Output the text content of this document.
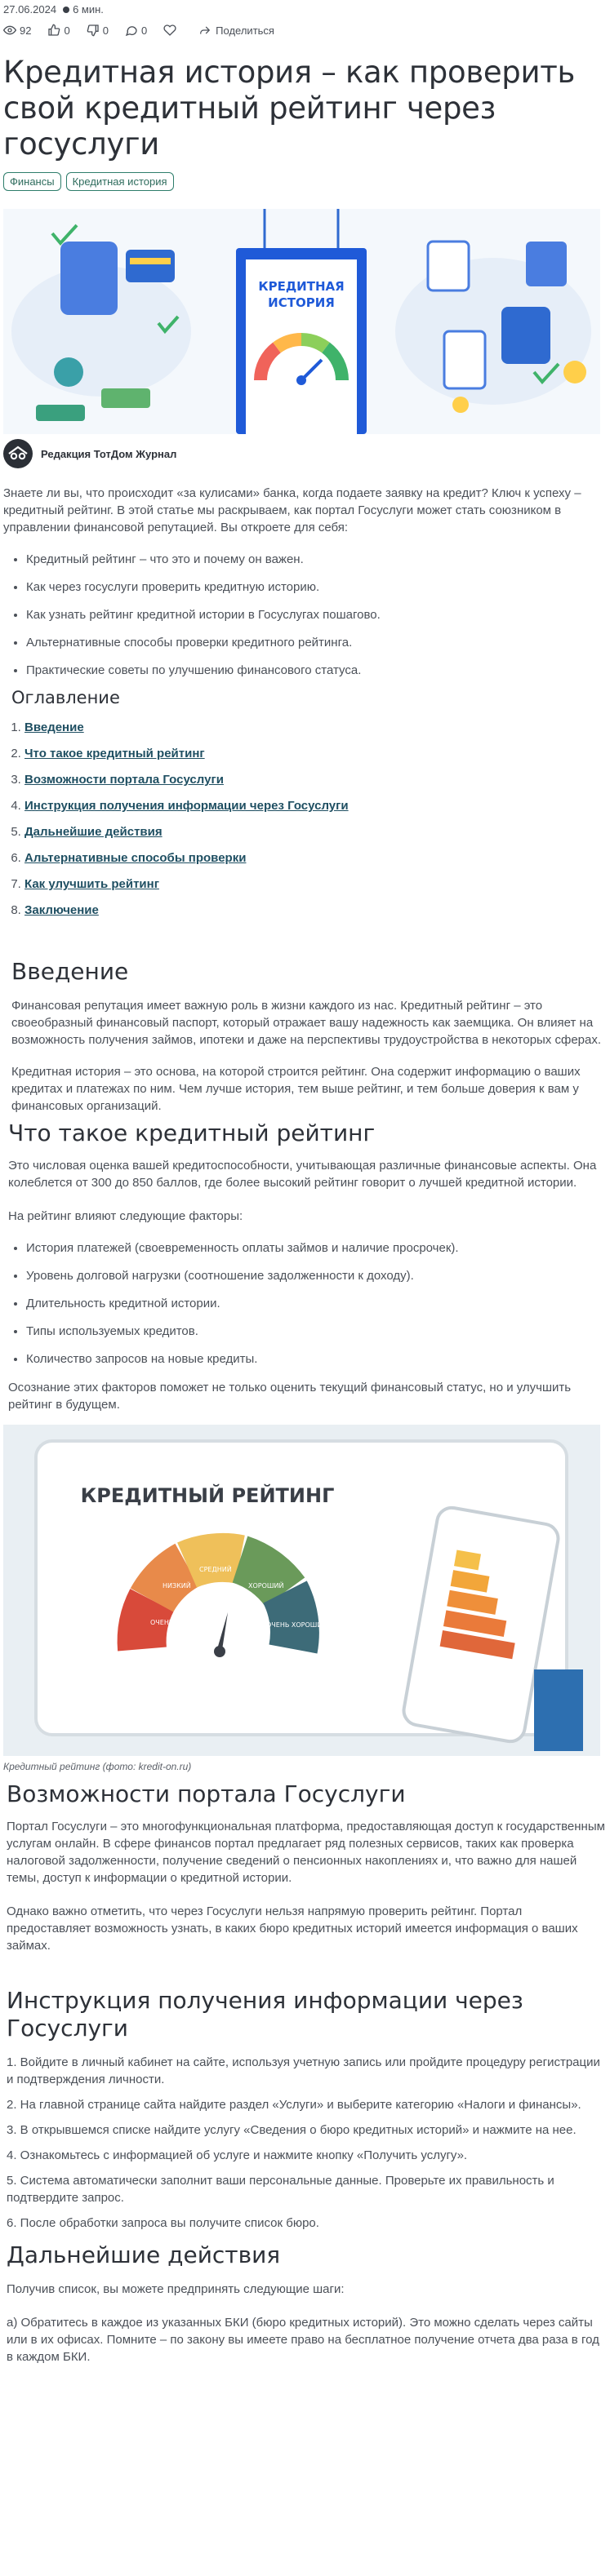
27.06.2024 6 мин.
92	0	0	0	Поделиться
Кредитная история – как проверить свой кредитный рейтинг через госуслуги
Финансы	Кредитная история
КРЕДИТНАЯ
ИСТОРИЯ
Редакция ТотДом Журнал

Знаете ли вы, что происходит «за кулисами» банка, когда подаете заявку на кредит? Ключ к успеху – кредитный рейтинг. В этой статье мы раскрываем, как портал Госуслуги может стать союзником в управлении финансовой репутацией. Вы откроете для себя:

• Кредитный рейтинг – что это и почему он важен.
• Как через госуслуги проверить кредитную историю.
• Как узнать рейтинг кредитной истории в Госуслугах пошагово.
• Альтернативные способы проверки кредитного рейтинга.
• Практические советы по улучшению финансового статуса.
Оглавление
1. Введение
2. Что такое кредитный рейтинг
3. Возможности портала Госуслуги
4. Инструкция получения информации через Госуслуги
5. Дальнейшие действия
6. Альтернативные способы проверки
7. Как улучшить рейтинг
8. Заключение
Введение

Финансовая репутация имеет важную роль в жизни каждого из нас. Кредитный рейтинг – это своеобразный финансовый паспорт, который отражает вашу надежность как заемщика. Он влияет на возможность получения займов, ипотеки и даже на перспективы трудоустройства в некоторых сферах.

Кредитная история – это основа, на которой строится рейтинг. Она содержит информацию о ваших кредитах и платежах по ним. Чем лучше история, тем выше рейтинг, и тем больше доверия к вам у финансовых организаций.

Что такое кредитный рейтинг

Это числовая оценка вашей кредитоспособности, учитывающая различные финансовые аспекты. Она колеблется от 300 до 850 баллов, где более высокий рейтинг говорит о лучшей кредитной истории.

На рейтинг влияют следующие факторы:

• История платежей (своевременность оплаты займов и наличие просрочек).
• Уровень долговой нагрузки (соотношение задолженности к доходу).
• Длительность кредитной истории.
• Типы используемых кредитов.
• Количество запросов на новые кредиты.

Осознание этих факторов поможет не только оценить текущий финансовый статус, но и улучшить рейтинг в будущем.

КРЕДИТНЫЙ РЕЙТИНГ
ОЧЕНЬ НИЗКИЙ
НИЗКИЙ
СРЕДНИЙ
ХОРОШИЙ
ОЧЕНЬ ХОРОШИЙ
Кредитный рейтинг (фото: kredit-on.ru)
Возможности портала Госуслуги

Портал Госуслуги – это многофункциональная платформа, предоставляющая доступ к государственным услугам онлайн. В сфере финансов портал предлагает ряд полезных сервисов, таких как проверка налоговой задолженности, получение сведений о пенсионных накоплениях и, что важно для нашей темы, доступ к информации о кредитной истории.

Однако важно отметить, что через Госуслуги нельзя напрямую проверить рейтинг. Портал предоставляет возможность узнать, в каких бюро кредитных историй имеется информация о ваших займах.

Инструкция получения информации через Госуслуги

1. Войдите в личный кабинет на сайте, используя учетную запись или пройдите процедуру регистрации и подтверждения личности.

2. На главной странице сайта найдите раздел «Услуги» и выберите категорию «Налоги и финансы».

3. В открывшемся списке найдите услугу «Сведения о бюро кредитных историй» и нажмите на нее.

4. Ознакомьтесь с информацией об услуге и нажмите кнопку «Получить услугу».

5. Система автоматически заполнит ваши персональные данные. Проверьте их правильность и подтвердите запрос.

6. После обработки запроса вы получите список бюро.

Дальнейшие действия

Получив список, вы можете предпринять следующие шаги:

а) Обратитесь в каждое из указанных БКИ (бюро кредитных историй). Это можно сделать через сайты или в их офисах. Помните – по закону вы имеете право на бесплатное получение отчета два раза в год в каждом БКИ.
